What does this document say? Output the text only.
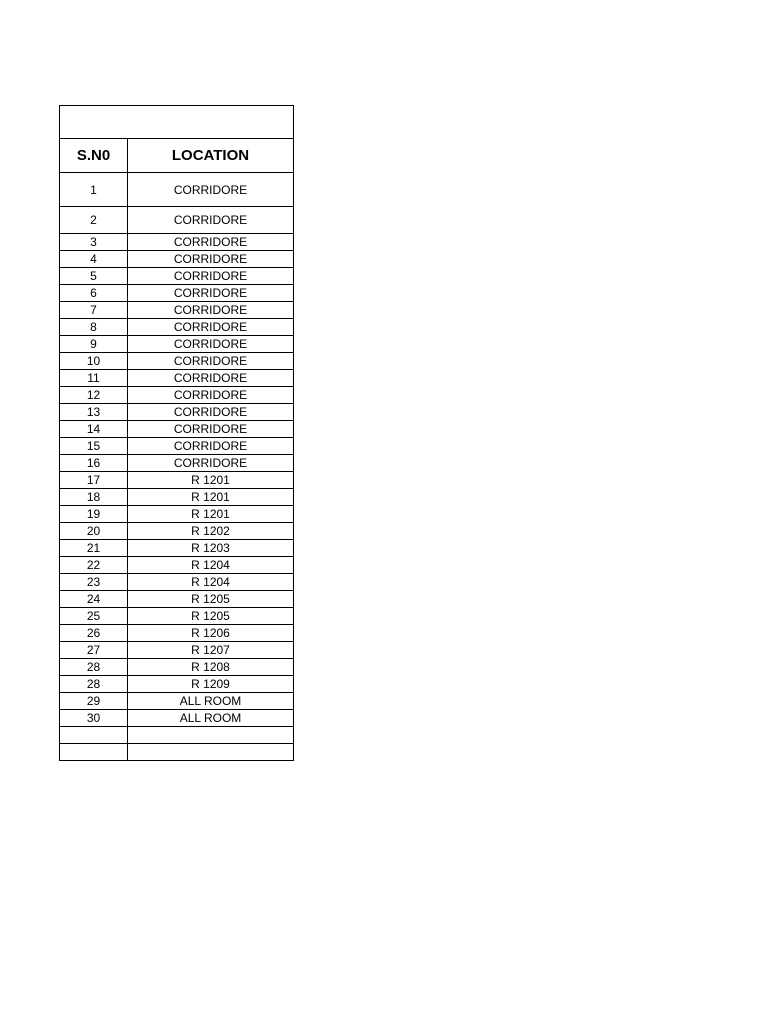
S.N0	LOCATION
1	CORRIDORE
2	CORRIDORE
3	CORRIDORE
4	CORRIDORE
5	CORRIDORE
6	CORRIDORE
7	CORRIDORE
8	CORRIDORE
9	CORRIDORE
10	CORRIDORE
11	CORRIDORE
12	CORRIDORE
13	CORRIDORE
14	CORRIDORE
15	CORRIDORE
16	CORRIDORE
17	R 1201
18	R 1201
19	R 1201
20	R 1202
21	R 1203
22	R 1204
23	R 1204
24	R 1205
25	R 1205
26	R 1206
27	R 1207
28	R 1208
28	R 1209
29	ALL ROOM
30	ALL ROOM
